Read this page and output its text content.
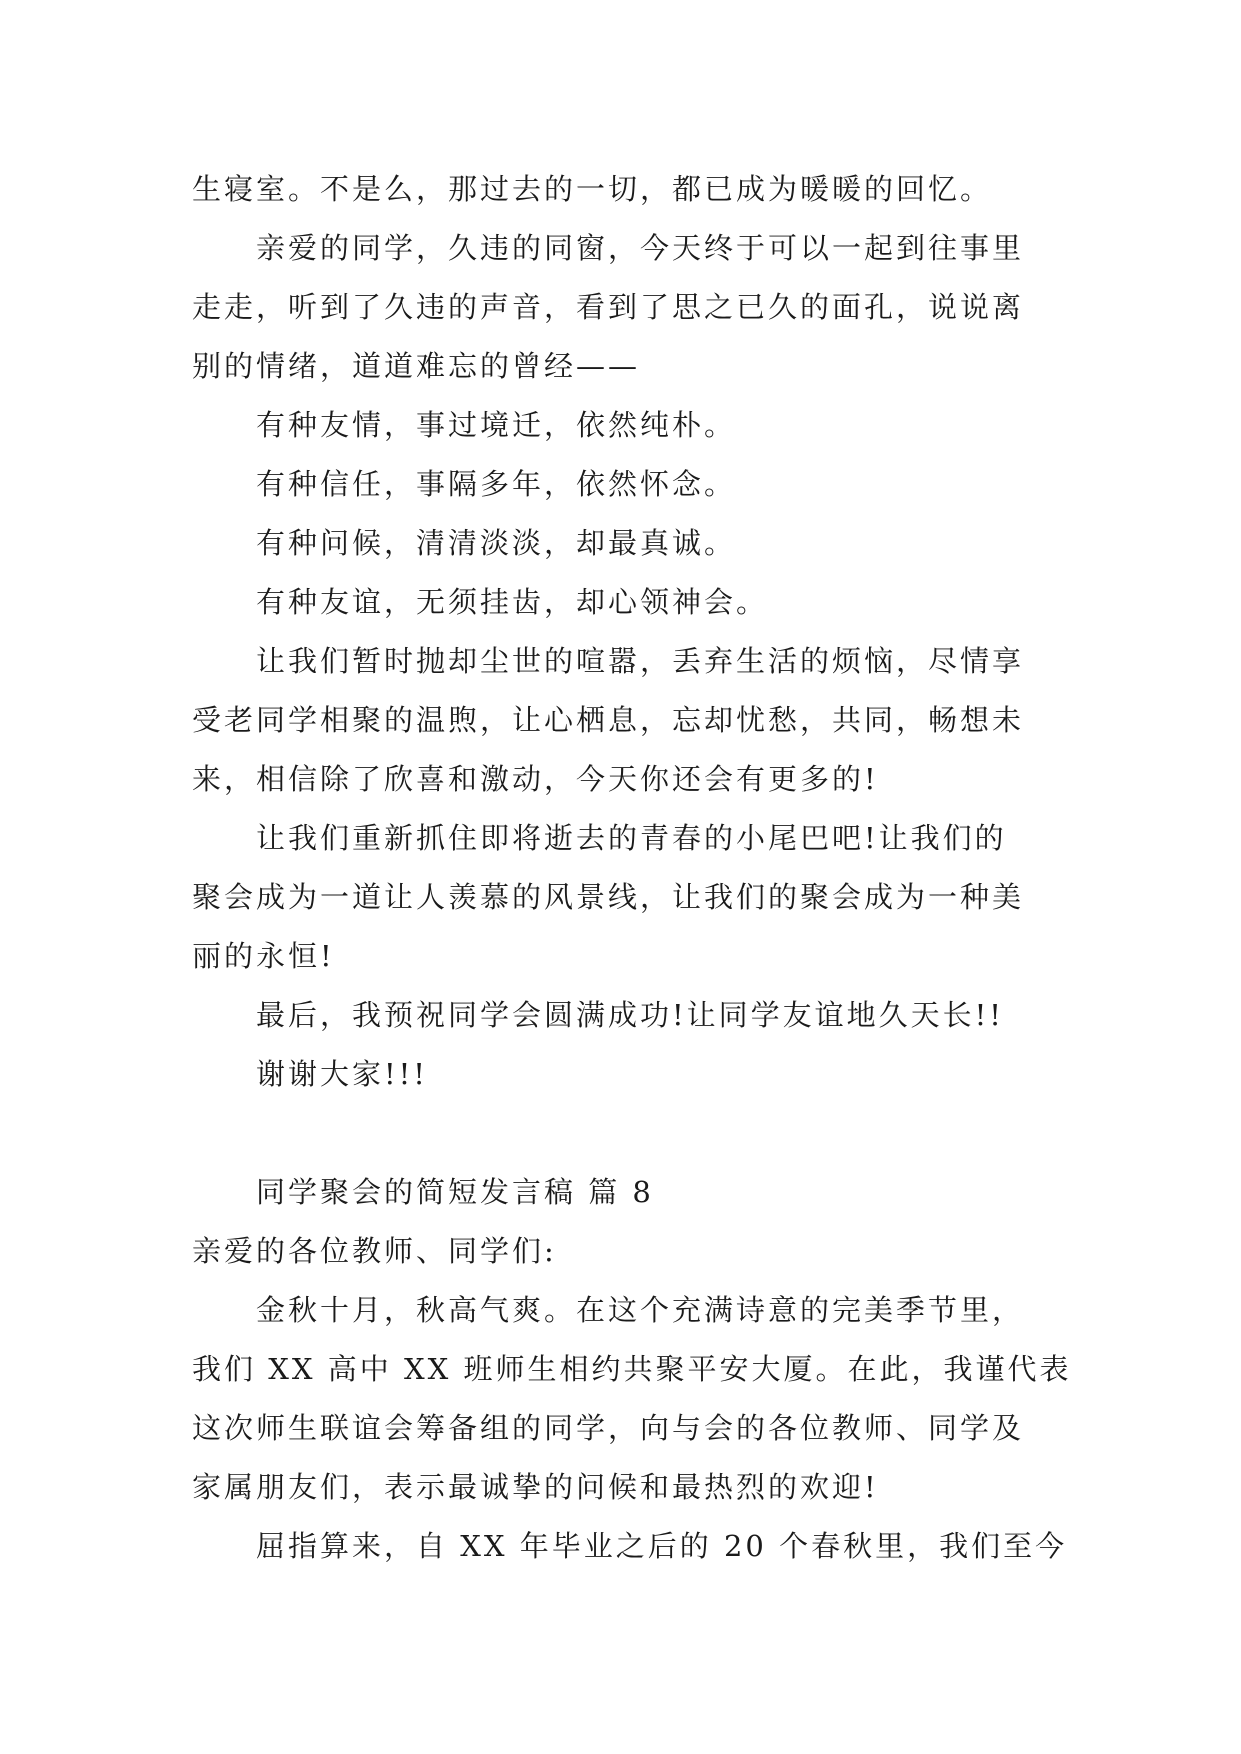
生寝室。不是么，那过去的一切，都已成为暖暖的回忆。
亲爱的同学，久违的同窗，今天终于可以一起到往事里
走走，听到了久违的声音，看到了思之已久的面孔，说说离
别的情绪，道道难忘的曾经——
有种友情，事过境迁，依然纯朴。
有种信任，事隔多年，依然怀念。
有种问候，清清淡淡，却最真诚。
有种友谊，无须挂齿，却心领神会。
让我们暂时抛却尘世的喧嚣，丢弃生活的烦恼，尽情享
受老同学相聚的温煦，让心栖息，忘却忧愁，共同，畅想未
来，相信除了欣喜和激动，今天你还会有更多的!
让我们重新抓住即将逝去的青春的小尾巴吧!让我们的
聚会成为一道让人羡慕的风景线，让我们的聚会成为一种美
丽的永恒!
最后，我预祝同学会圆满成功!让同学友谊地久天长!!
谢谢大家!!!
同学聚会的简短发言稿 篇 8
亲爱的各位教师、同学们:
金秋十月，秋高气爽。在这个充满诗意的完美季节里，
我们 XX 高中 XX 班师生相约共聚平安大厦。在此，我谨代表
这次师生联谊会筹备组的同学，向与会的各位教师、同学及
家属朋友们，表示最诚挚的问候和最热烈的欢迎!
屈指算来，自 XX 年毕业之后的 20 个春秋里，我们至今
